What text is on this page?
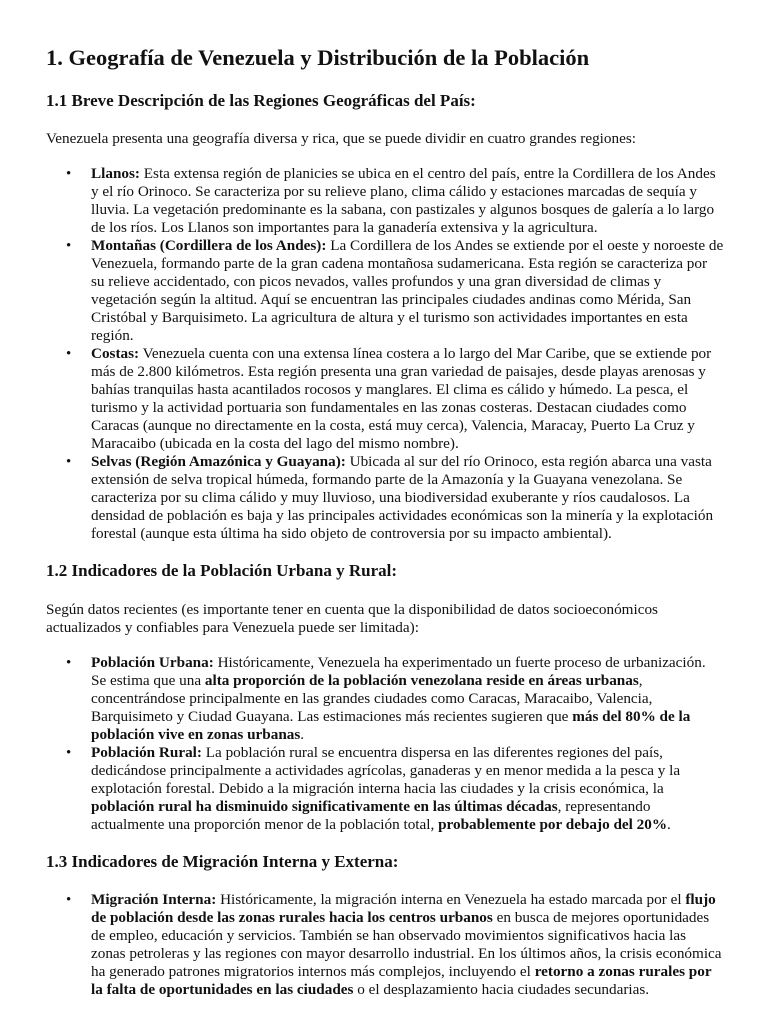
1. Geografía de Venezuela y Distribución de la Población
1.1 Breve Descripción de las Regiones Geográficas del País:

Venezuela presenta una geografía diversa y rica, que se puede dividir en cuatro grandes regiones:

• Llanos: Esta extensa región de planicies se ubica en el centro del país, entre la Cordillera de los Andes y el río Orinoco. Se caracteriza por su relieve plano, clima cálido y estaciones marcadas de sequía y lluvia. La vegetación predominante es la sabana, con pastizales y algunos bosques de galería a lo largo de los ríos. Los Llanos son importantes para la ganadería extensiva y la agricultura.
• Montañas (Cordillera de los Andes): La Cordillera de los Andes se extiende por el oeste y noroeste de Venezuela, formando parte de la gran cadena montañosa sudamericana. Esta región se caracteriza por su relieve accidentado, con picos nevados, valles profundos y una gran diversidad de climas y vegetación según la altitud. Aquí se encuentran las principales ciudades andinas como Mérida, San Cristóbal y Barquisimeto. La agricultura de altura y el turismo son actividades importantes en esta región.
• Costas: Venezuela cuenta con una extensa línea costera a lo largo del Mar Caribe, que se extiende por más de 2.800 kilómetros. Esta región presenta una gran variedad de paisajes, desde playas arenosas y bahías tranquilas hasta acantilados rocosos y manglares. El clima es cálido y húmedo. La pesca, el turismo y la actividad portuaria son fundamentales en las zonas costeras. Destacan ciudades como Caracas (aunque no directamente en la costa, está muy cerca), Valencia, Maracay, Puerto La Cruz y Maracaibo (ubicada en la costa del lago del mismo nombre).
• Selvas (Región Amazónica y Guayana): Ubicada al sur del río Orinoco, esta región abarca una vasta extensión de selva tropical húmeda, formando parte de la Amazonía y la Guayana venezolana. Se caracteriza por su clima cálido y muy lluvioso, una biodiversidad exuberante y ríos caudalosos. La densidad de población es baja y las principales actividades económicas son la minería y la explotación forestal (aunque esta última ha sido objeto de controversia por su impacto ambiental).
1.2 Indicadores de la Población Urbana y Rural:

Según datos recientes (es importante tener en cuenta que la disponibilidad de datos socioeconómicos actualizados y confiables para Venezuela puede ser limitada):

• Población Urbana: Históricamente, Venezuela ha experimentado un fuerte proceso de urbanización. Se estima que una alta proporción de la población venezolana reside en áreas urbanas, concentrándose principalmente en las grandes ciudades como Caracas, Maracaibo, Valencia, Barquisimeto y Ciudad Guayana. Las estimaciones más recientes sugieren que más del 80% de la población vive en zonas urbanas.
• Población Rural: La población rural se encuentra dispersa en las diferentes regiones del país, dedicándose principalmente a actividades agrícolas, ganaderas y en menor medida a la pesca y la explotación forestal. Debido a la migración interna hacia las ciudades y la crisis económica, la población rural ha disminuido significativamente en las últimas décadas, representando actualmente una proporción menor de la población total, probablemente por debajo del 20%.
1.3 Indicadores de Migración Interna y Externa:
• Migración Interna: Históricamente, la migración interna en Venezuela ha estado marcada por el flujo de población desde las zonas rurales hacia los centros urbanos en busca de mejores oportunidades de empleo, educación y servicios. También se han observado movimientos significativos hacia las zonas petroleras y las regiones con mayor desarrollo industrial. En los últimos años, la crisis económica ha generado patrones migratorios internos más complejos, incluyendo el retorno a zonas rurales por la falta de oportunidades en las ciudades o el desplazamiento hacia ciudades secundarias.
